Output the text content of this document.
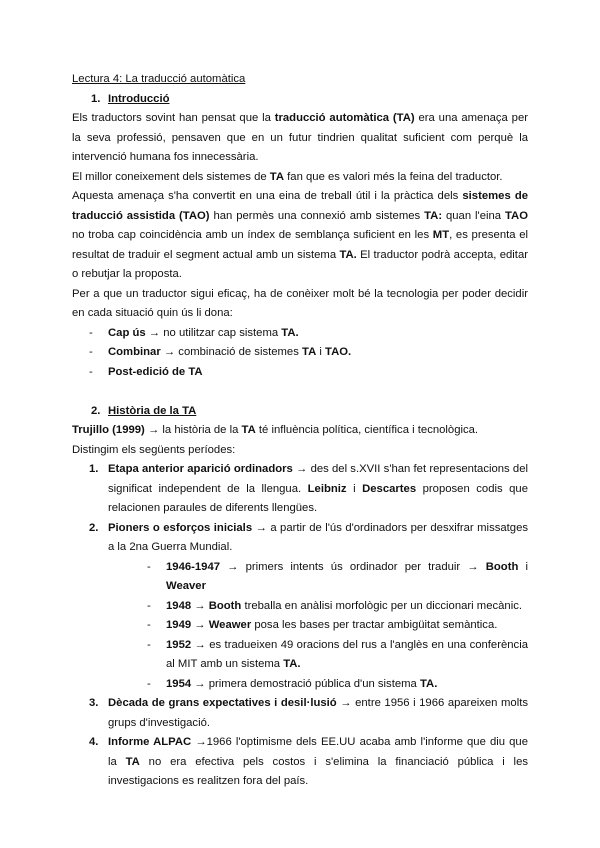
Lectura 4: La traducció automàtica

1. Introducció

Els traductors sovint han pensat que la traducció automàtica (TA) era una amenaça per la seva professió, pensaven que en un futur tindrien qualitat suficient com perquè la intervenció humana fos innecessària.

El millor coneixement dels sistemes de TA fan que es valori més la feina del traductor.

Aquesta amenaça s'ha convertit en una eina de treball útil i la pràctica dels sistemes de traducció assistida (TAO) han permès una connexió amb sistemes TA: quan l'eina TAO no troba cap coincidència amb un índex de semblança suficient en les MT, es presenta el resultat de traduir el segment actual amb un sistema TA. El traductor podrà accepta, editar o rebutjar la proposta.

Per a que un traductor sigui eficaç, ha de conèixer molt bé la tecnologia per poder decidir en cada situació quin ús li dona:

- Cap ús → no utilitzar cap sistema TA.
- Combinar → combinació de sistemes TA i TAO.
- Post-edició de TA
2. Història de la TA

Trujillo (1999) → la història de la TA té influència política, científica i tecnològica.

Distingim els següents períodes:

1. Etapa anterior aparició ordinadors → des del s.XVII s'han fet representacions del significat independent de la llengua. Leibniz i Descartes proposen codis que relacionen paraules de diferents llengües.
2. Pioners o esforços inicials → a partir de l'ús d'ordinadors per desxifrar missatges a la 2na Guerra Mundial.
- 1946-1947 → primers intents ús ordinador per traduir → Booth i Weaver
- 1948 → Booth treballa en anàlisi morfològic per un diccionari mecànic.
- 1949 → Weawer posa les bases per tractar ambigüitat semàntica.
- 1952 → es tradueixen 49 oracions del rus a l'anglès en una conferència al MIT amb un sistema TA.
- 1954 → primera demostració pública d'un sistema TA.
3. Dècada de grans expectatives i desil·lusió → entre 1956 i 1966 apareixen molts grups d'investigació.
4. Informe ALPAC →1966 l'optimisme dels EE.UU acaba amb l'informe que diu que la TA no era efectiva pels costos i s'elimina la financiació pública i les investigacions es realitzen fora del país.
